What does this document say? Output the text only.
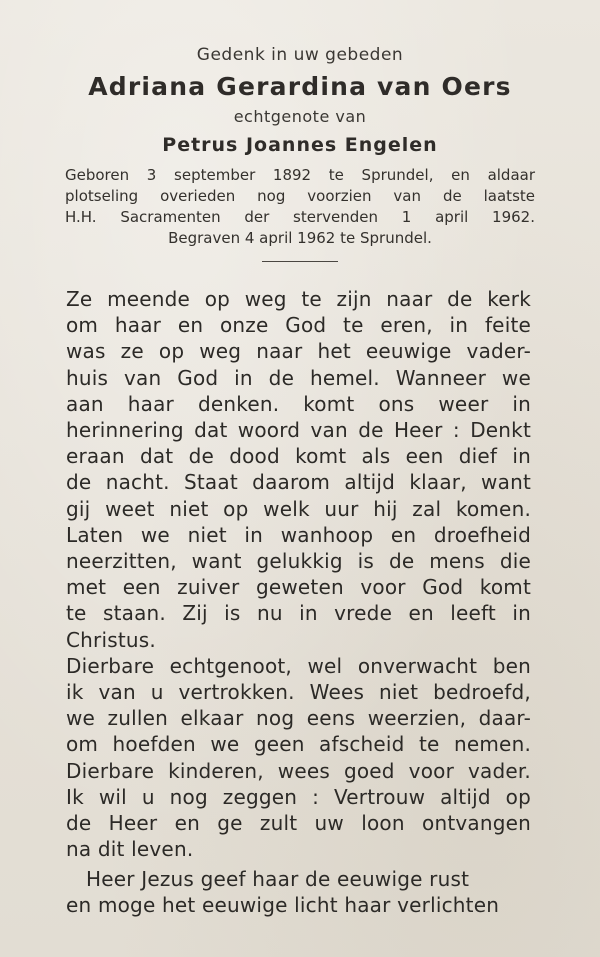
Gedenk in uw gebeden
Adriana Gerardina van Oers
echtgenote van
Petrus Joannes Engelen
Geboren 3 september 1892 te Sprundel, en aldaar
plotseling overieden nog voorzien van de laatste
H.H. Sacramenten der stervenden 1 april 1962.
Begraven 4 april 1962 te Sprundel.
Ze meende op weg te zijn naar de kerk
om haar en onze God te eren, in feite
was ze op weg naar het eeuwige vader-
huis van God in de hemel. Wanneer we
aan haar denken. komt ons weer in
herinnering dat woord van de Heer : Denkt
eraan dat de dood komt als een dief in
de nacht. Staat daarom altijd klaar, want
gij weet niet op welk uur hij zal komen.
Laten we niet in wanhoop en droefheid
neerzitten, want gelukkig is de mens die
met een zuiver geweten voor God komt
te staan. Zij is nu in vrede en leeft in
Christus.
Dierbare echtgenoot, wel onverwacht ben
ik van u vertrokken. Wees niet bedroefd,
we zullen elkaar nog eens weerzien, daar-
om hoefden we geen afscheid te nemen.
Dierbare kinderen, wees goed voor vader.
Ik wil u nog zeggen : Vertrouw altijd op
de Heer en ge zult uw loon ontvangen
na dit leven.
Heer Jezus geef haar de eeuwige rust
en moge het eeuwige licht haar verlichten
